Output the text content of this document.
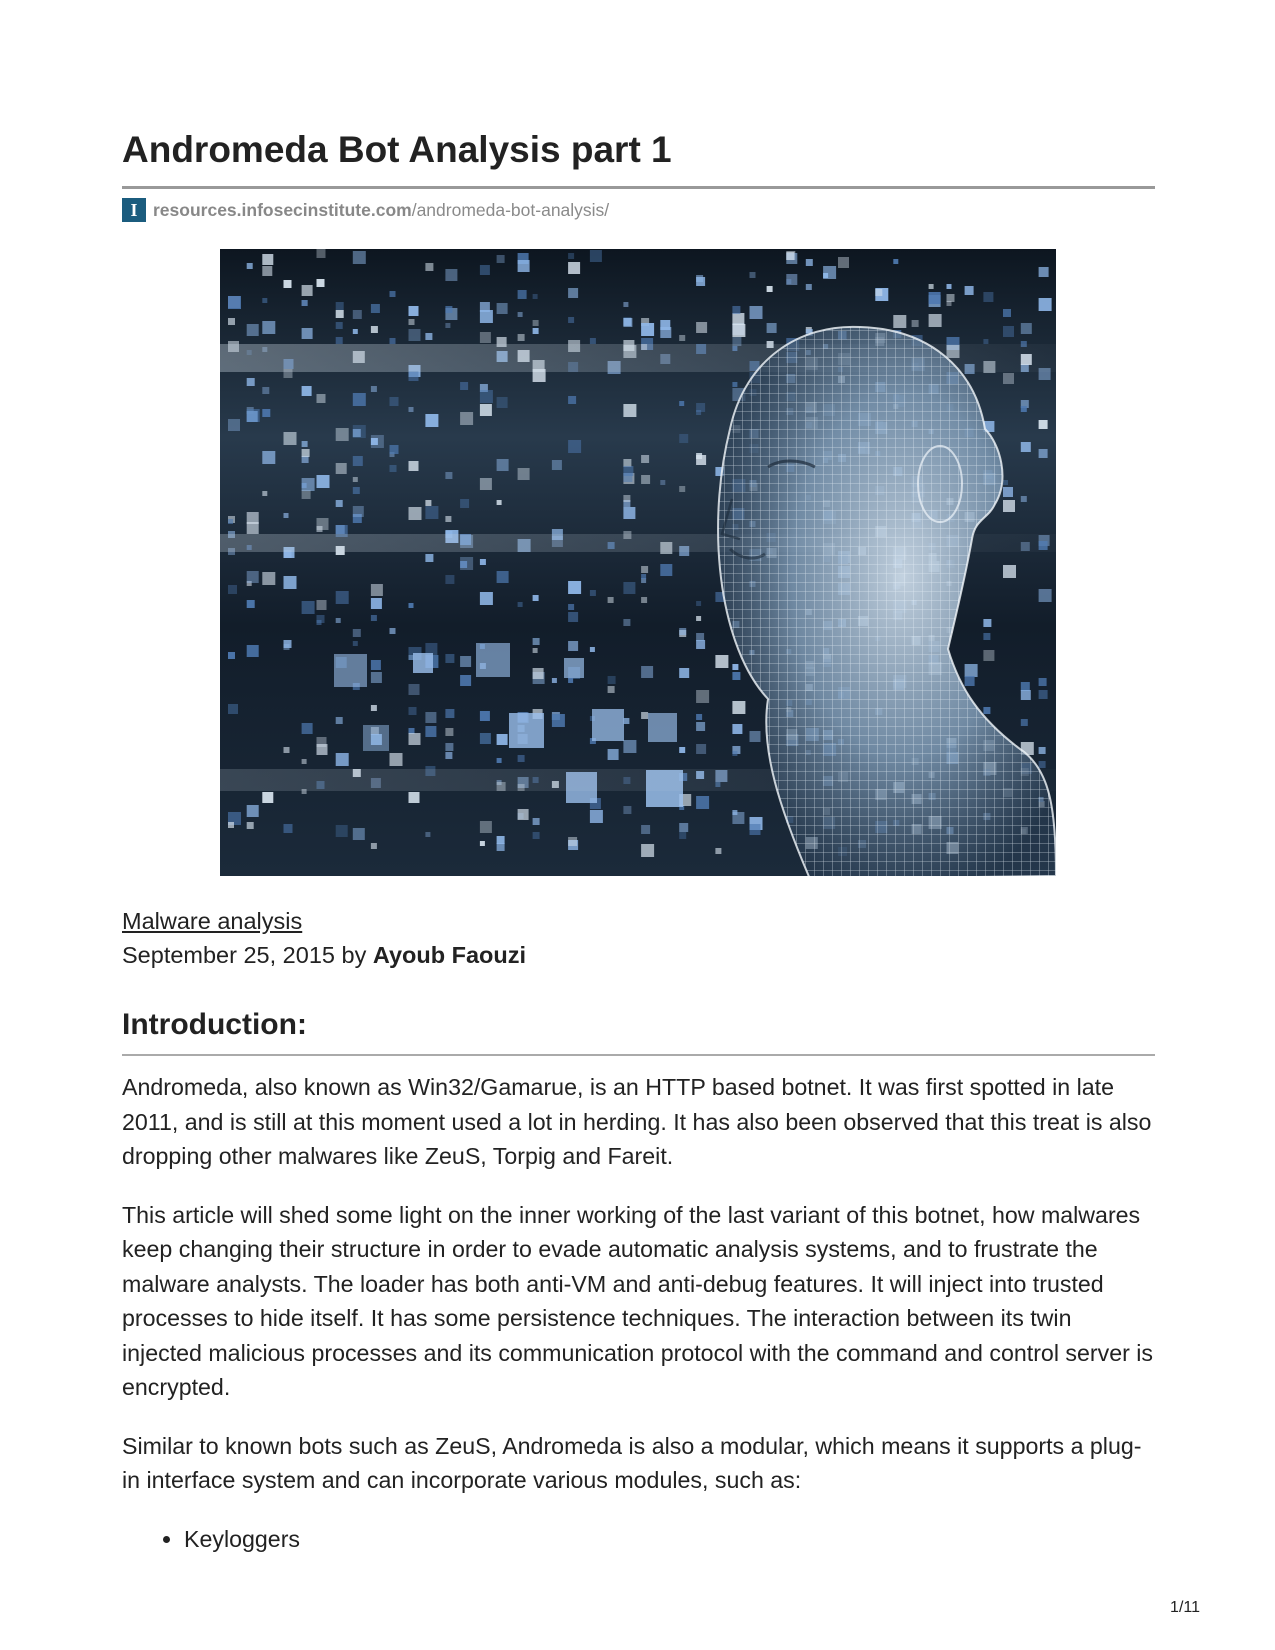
Andromeda Bot Analysis part 1
I resources.infosecinstitute.com/andromeda-bot-analysis/
Malware analysis
September 25, 2015 by Ayoub Faouzi
Introduction:

Andromeda, also known as Win32/Gamarue, is an HTTP based botnet. It was first spotted in late 2011, and is still at this moment used a lot in herding. It has also been observed that this treat is also dropping other malwares like ZeuS, Torpig and Fareit.

This article will shed some light on the inner working of the last variant of this botnet, how malwares keep changing their structure in order to evade automatic analysis systems, and to frustrate the malware analysts. The loader has both anti-VM and anti-debug features. It will inject into trusted processes to hide itself. It has some persistence techniques. The interaction between its twin injected malicious processes and its communication protocol with the command and control server is encrypted.

Similar to known bots such as ZeuS, Andromeda is also a modular, which means it supports a plug-in interface system and can incorporate various modules, such as:

• Keyloggers
1/11
